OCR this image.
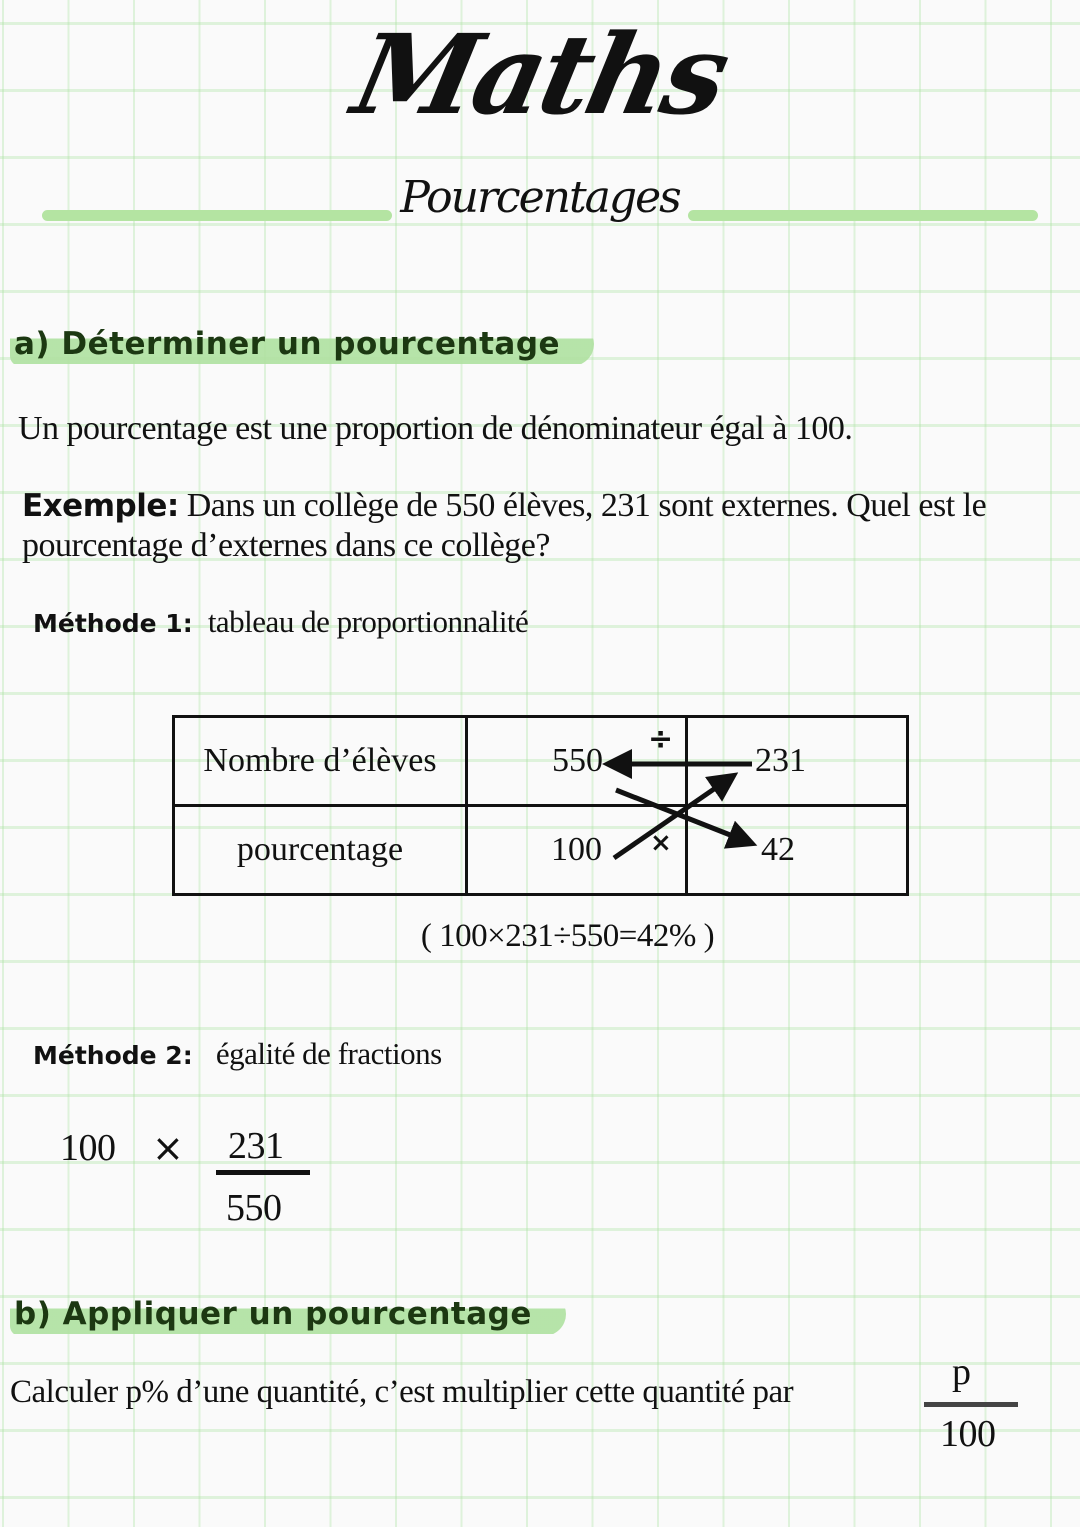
Maths
Pourcentages
a) Déterminer un pourcentage
Un pourcentage est une proportion de dénominateur égal à 100.
Exemple: Dans un collège de 550 élèves, 231 sont externes. Quel est le
pourcentage d’externes dans ce collège?
Méthode 1: tableau de proportionnalité
Nombre d’élèves	550	231
pourcentage	100	42
÷
×
( 100×231÷550=42% )
Méthode 2: égalité de fractions
100 × 231
550
b) Appliquer un pourcentage
Calculer p% d’une quantité, c’est multiplier cette quantité par	p
100
